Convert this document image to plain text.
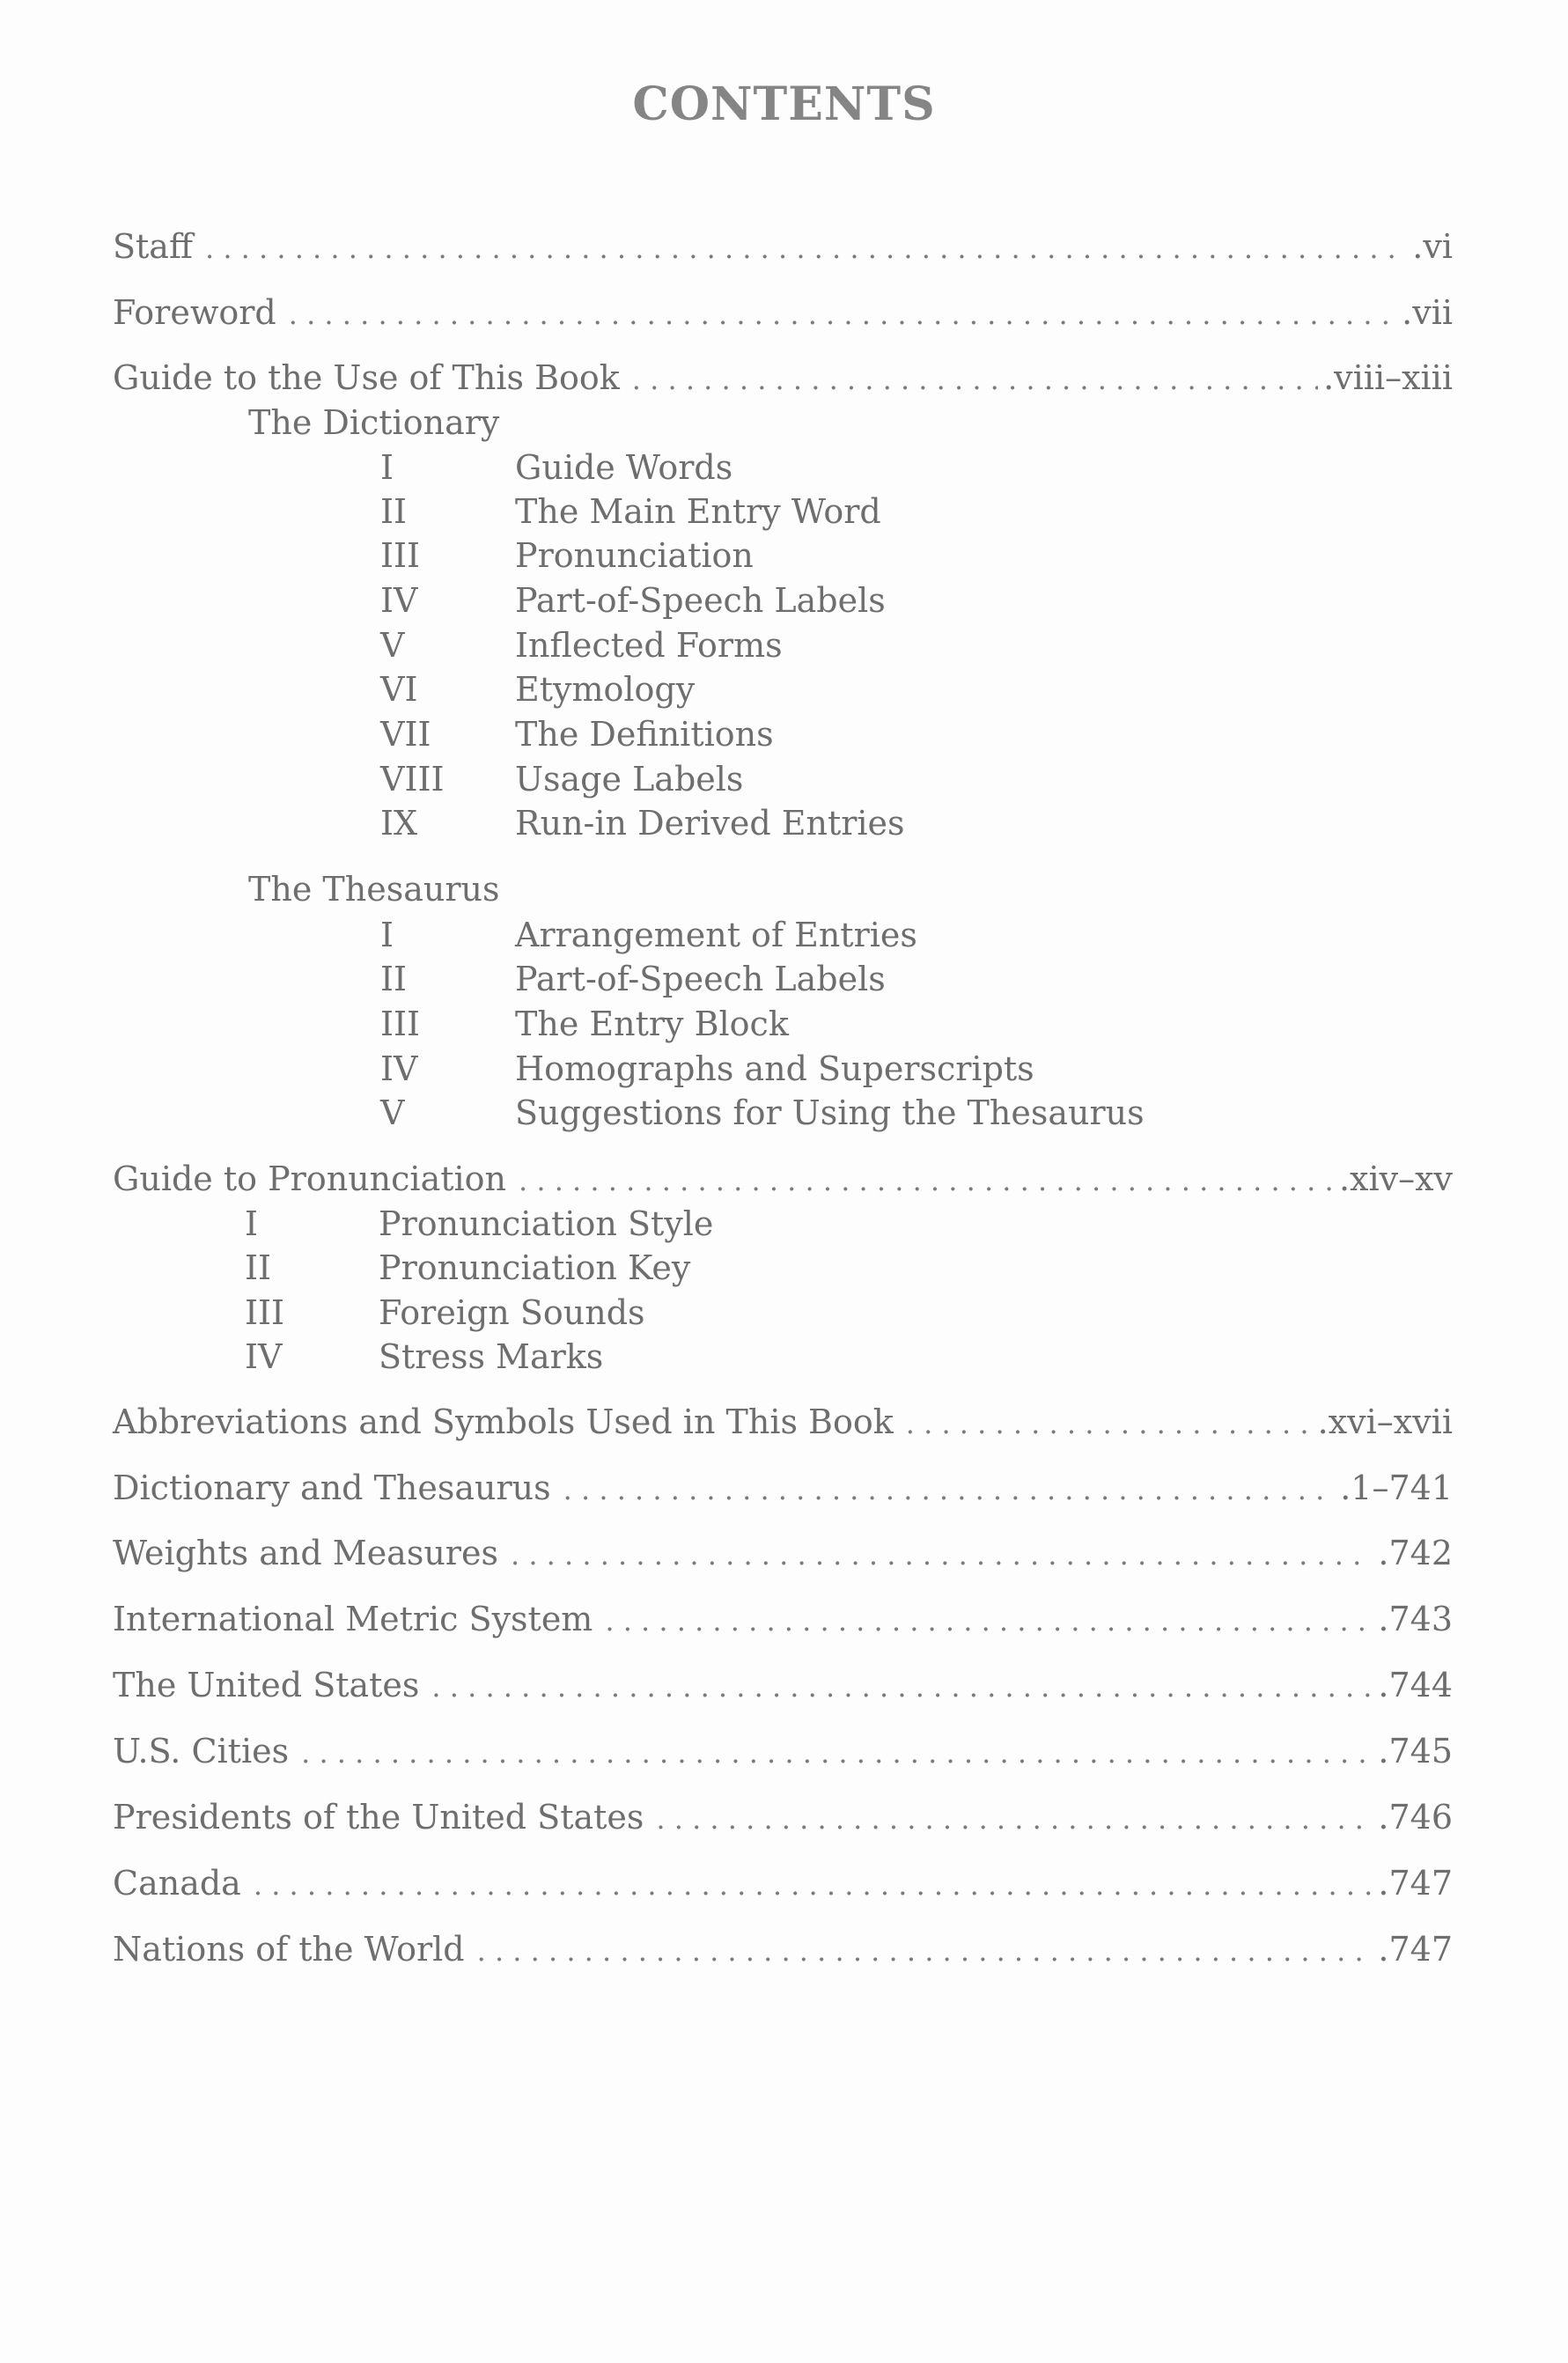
CONTENTS
Staff . . .	.vi
Foreword . . .	.vii
Guide to the Use of This Book . . .	.viii–xiii
The Dictionary
I	Guide Words
II	The Main Entry Word
III	Pronunciation
IV	Part-of-Speech Labels
V	Inflected Forms
VI	Etymology
VII	The Definitions
VIII Usage Labels
IX	Run-in Derived Entries
The Thesaurus
I	Arrangement of Entries
II	Part-of-Speech Labels
III	The Entry Block
IV	Homographs and Superscripts
V	Suggestions for Using the Thesaurus
Guide to Pronunciation . . .	.xiv–xv
I	Pronunciation Style
II	Pronunciation Key
III	Foreign Sounds
IV	Stress Marks
Abbreviations and Symbols Used in This Book . . .	.xvi–xvii
Dictionary and Thesaurus . . .	.1–741
Weights and Measures . . .	.742
International Metric System . . .	.743
The United States . . .	.744
U.S. Cities . . .	.745
Presidents of the United States . . .	.746
Canada . . .	.747
Nations of the World . . .	.747
